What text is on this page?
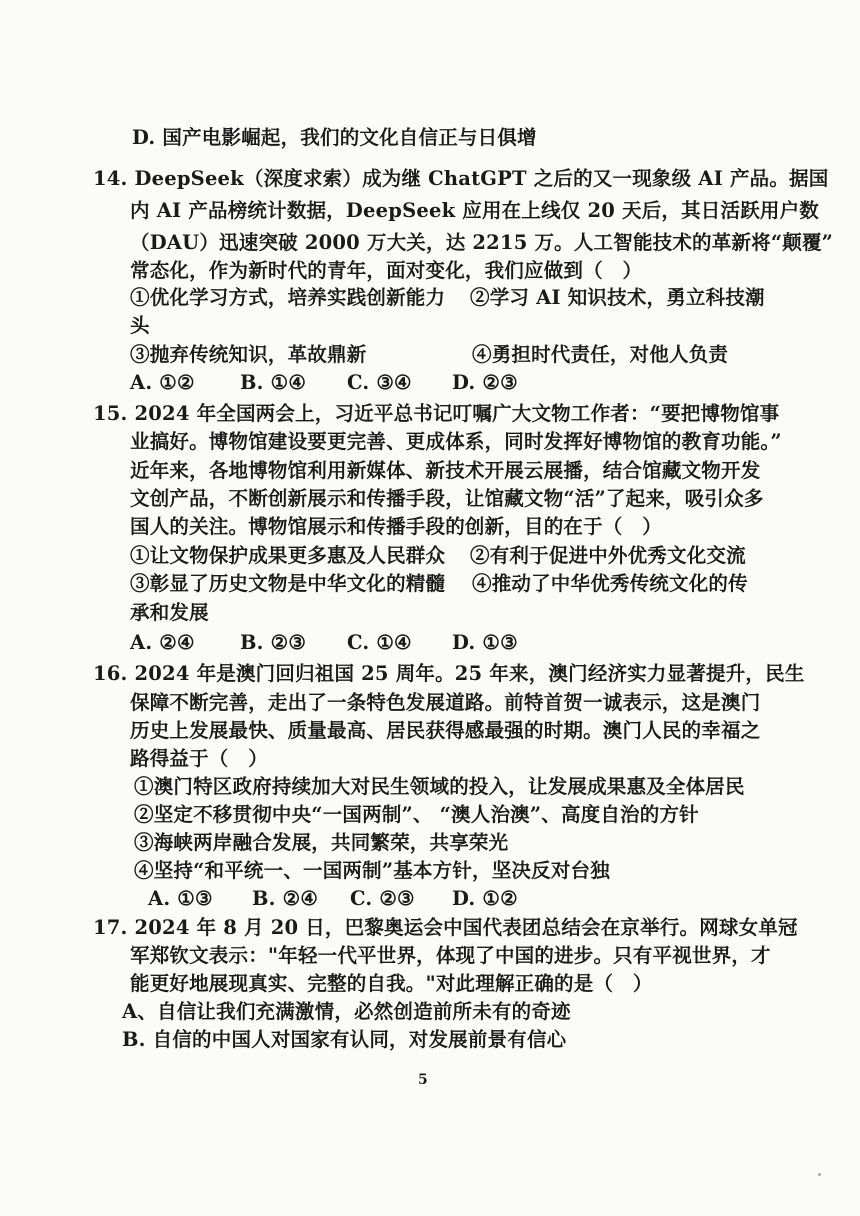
D. 国产电影崛起，我们的文化自信正与日俱增
14. DeepSeek（深度求索）成为继 ChatGPT 之后的又一现象级 AI 产品。据国
内 AI 产品榜统计数据，DeepSeek 应用在上线仅 20 天后，其日活跃用户数
（DAU）迅速突破 2000 万大关，达 2215 万。人工智能技术的革新将“颠覆”
常态化，作为新时代的青年，面对变化，我们应做到（　）
①优化学习方式，培养实践创新能力 ②学习 AI 知识技术，勇立科技潮
头
③抛弃传统知识，革故鼎新	④勇担时代责任，对他人负责
A. ①② B. ①④ C. ③④ D. ②③
15. 2024 年全国两会上，习近平总书记叮嘱广大文物工作者：“要把博物馆事
业搞好。博物馆建设要更完善、更成体系，同时发挥好博物馆的教育功能。”
近年来，各地博物馆利用新媒体、新技术开展云展播，结合馆藏文物开发
文创产品，不断创新展示和传播手段，让馆藏文物“活”了起来，吸引众多
国人的关注。博物馆展示和传播手段的创新，目的在于（　）
①让文物保护成果更多惠及人民群众 ②有利于促进中外优秀文化交流
③彰显了历史文物是中华文化的精髓 ④推动了中华优秀传统文化的传
承和发展
A. ②④ B. ②③ C. ①④ D. ①③
16. 2024 年是澳门回归祖国 25 周年。25 年来，澳门经济实力显著提升，民生
保障不断完善，走出了一条特色发展道路。前特首贺一诚表示，这是澳门
历史上发展最快、质量最高、居民获得感最强的时期。澳门人民的幸福之
路得益于（　）
①澳门特区政府持续加大对民生领域的投入，让发展成果惠及全体居民
②坚定不移贯彻中央“一国两制”、 “澳人治澳”、高度自治的方针
③海峡两岸融合发展，共同繁荣，共享荣光
④坚持“和平统一、一国两制”基本方针，坚决反对台独
A. ①③ B. ②④ C. ②③ D. ①②
17. 2024 年 8 月 20 日，巴黎奥运会中国代表团总结会在京举行。网球女单冠
军郑钦文表示："年轻一代平世界，体现了中国的进步。只有平视世界，才
能更好地展现真实、完整的自我。"对此理解正确的是（　）
A、自信让我们充满激情，必然创造前所未有的奇迹
B. 自信的中国人对国家有认同，对发展前景有信心
5
